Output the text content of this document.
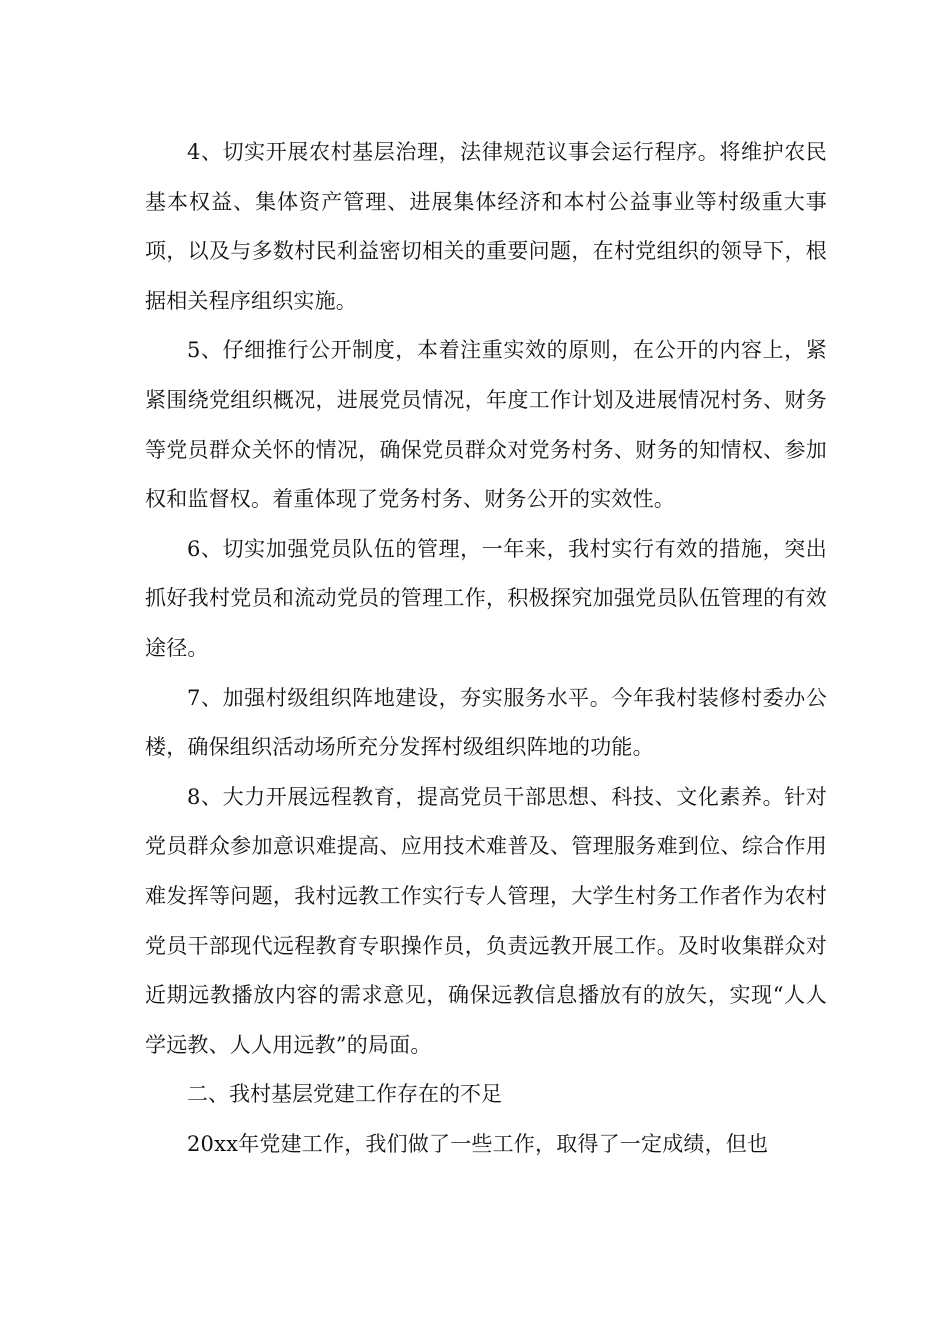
4、切实开展农村基层治理，法律规范议事会运行程序。将维护农民基本权益、集体资产管理、进展集体经济和本村公益事业等村级重大事项，以及与多数村民利益密切相关的重要问题，在村党组织的领导下，根据相关程序组织实施。

5、仔细推行公开制度，本着注重实效的原则，在公开的内容上，紧紧围绕党组织概况，进展党员情况，年度工作计划及进展情况村务、财务等党员群众关怀的情况，确保党员群众对党务村务、财务的知情权、参加权和监督权。着重体现了党务村务、财务公开的实效性。

6、切实加强党员队伍的管理，一年来，我村实行有效的措施，突出抓好我村党员和流动党员的管理工作，积极探究加强党员队伍管理的有效途径。

7、加强村级组织阵地建设，夯实服务水平。今年我村装修村委办公楼，确保组织活动场所充分发挥村级组织阵地的功能。

8、大力开展远程教育，提高党员干部思想、科技、文化素养。针对党员群众参加意识难提高、应用技术难普及、管理服务难到位、综合作用难发挥等问题，我村远教工作实行专人管理，大学生村务工作者作为农村党员干部现代远程教育专职操作员，负责远教开展工作。及时收集群众对近期远教播放内容的需求意见，确保远教信息播放有的放矢，实现“人人学远教、人人用远教”的局面。

二、我村基层党建工作存在的不足

20xx年党建工作，我们做了一些工作，取得了一定成绩，但也
